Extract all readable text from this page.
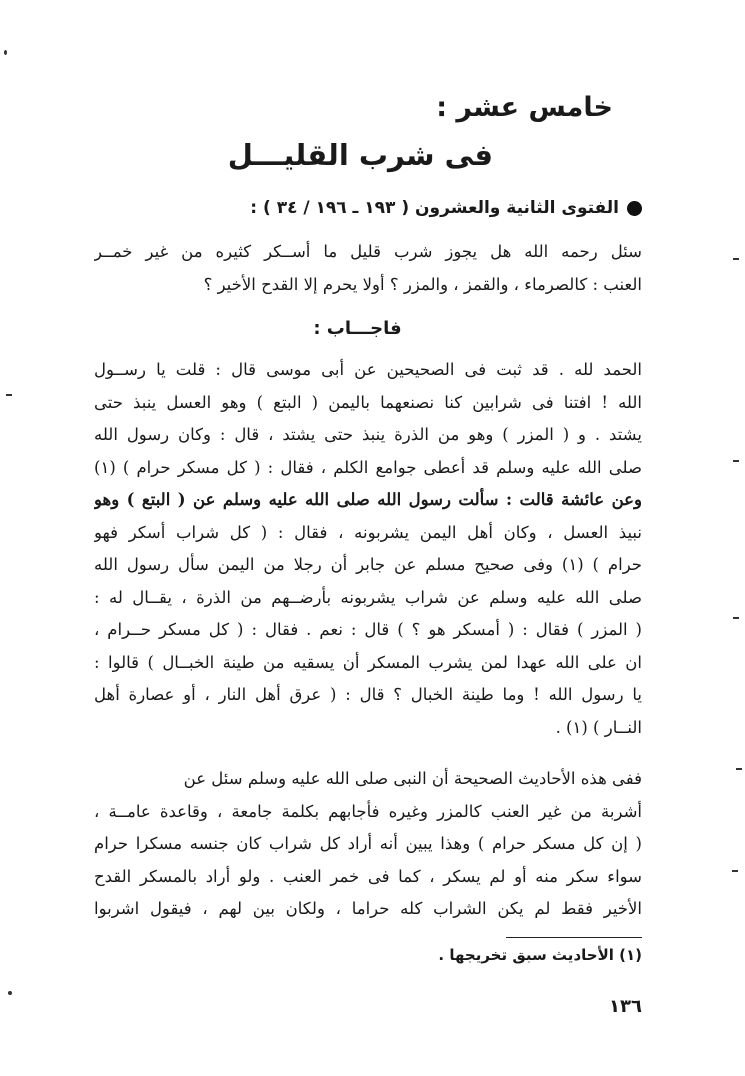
خامس عشر :
فى شرب القليـــل
الفتوى الثانية والعشرون ( ١٩٣ ـ ١٩٦ / ٣٤ ) :
سئل رحمه الله هل يجوز شرب قليل ما أســكر كثيره من غير خمــر
العنب : كالصرماء ، والقمز ، والمزر ؟ أولا يحرم إلا القدح الأخير ؟
فاجـــاب :
الحمد لله . قد ثبت فى الصحيحين عن أبى موسى قال : قلت يا رســول
الله ! افتنا فى شرابين كنا نصنعهما باليمن ( البتع ) وهو العسل ينبذ حتى
يشتد . و ( المزر ) وهو من الذرة ينبذ حتى يشتد ، قال : وكان رسول الله
صلى الله عليه وسلم قد أعطى جوامع الكلم ، فقال : ( كل مسكر حرام ) (١)
وعن عائشة قالت : سألت رسول الله صلى الله عليه وسلم عن ( البتع ) وهو
نبيذ العسل ، وكان أهل اليمن يشربونه ، فقال : ( كل شراب أسكر فهو
حرام ) (١) وفى صحيح مسلم عن جابر أن رجلا من اليمن سأل رسول الله
صلى الله عليه وسلم عن شراب يشربونه بأرضــهم من الذرة ، يقــال له :
( المزر ) فقال : ( أمسكر هو ؟ ) قال : نعم . فقال : ( كل مسكر حــرام ،
ان على الله عهدا لمن يشرب المسكر أن يسقيه من طينة الخبــال ) قالوا :
يا رسول الله ! وما طينة الخبال ؟ قال : ( عرق أهل النار ، أو عصارة أهل
النــار ) (١) .
ففى هذه الأحاديث الصحيحة أن النبى صلى الله عليه وسلم سئل عن
أشربة من غير العنب كالمزر وغيره فأجابهم بكلمة جامعة ، وقاعدة عامــة ،
( إن كل مسكر حرام ) وهذا يبين أنه أراد كل شراب كان جنسه مسكرا حرام
سواء سكر منه أو لم يسكر ، كما فى خمر العنب . ولو أراد بالمسكر القدح
الأخير فقط لم يكن الشراب كله حراما ، ولكان بين لهم ، فيقول اشربوا
(١) الأحاديث سبق تخريجها .
١٣٦
